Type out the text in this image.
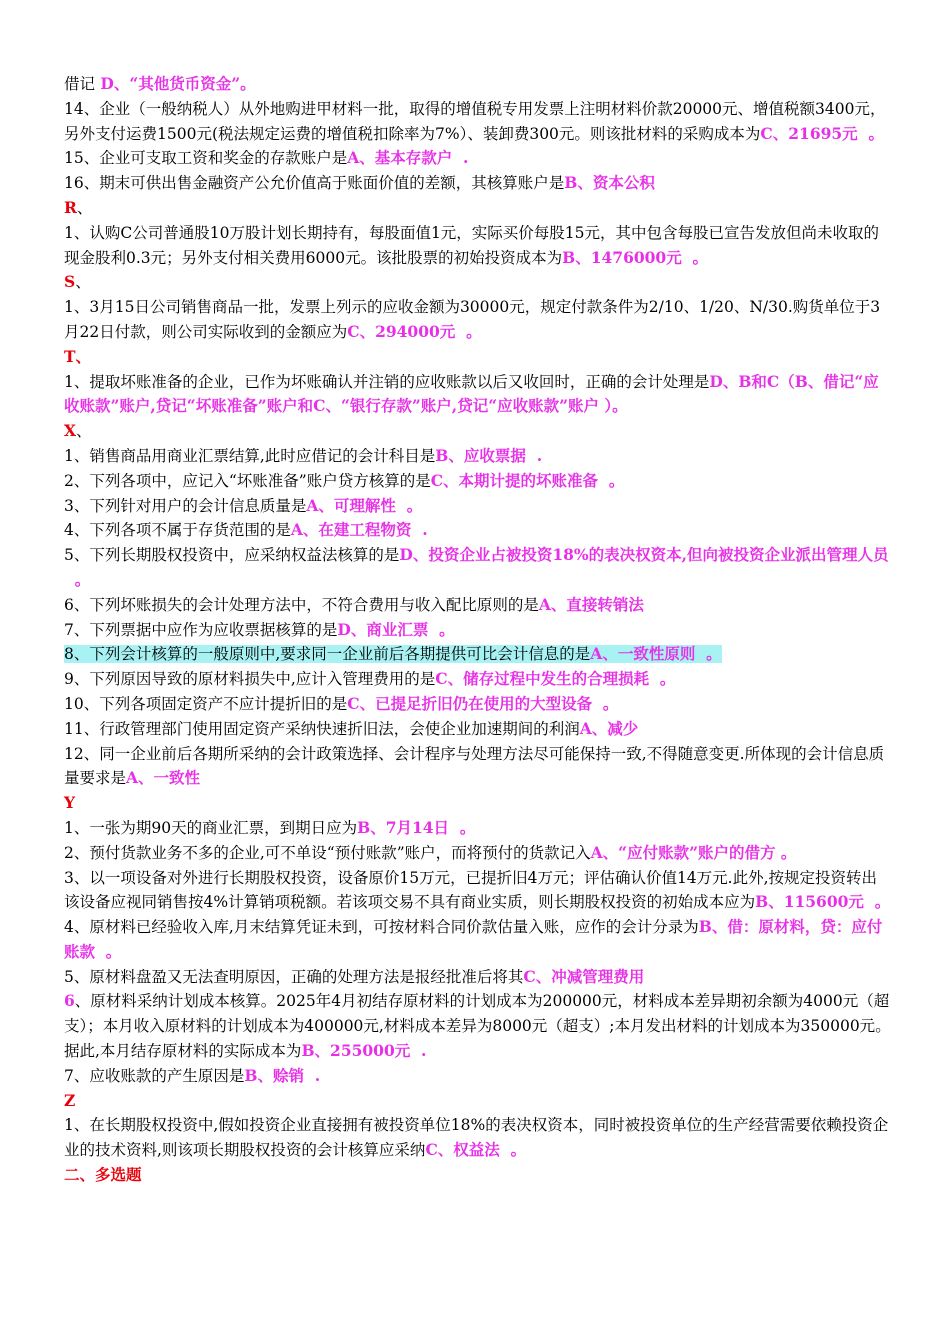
借记 D、“其他货币资金”。

14、企业（一般纳税人）从外地购进甲材料一批，取得的增值税专用发票上注明材料价款20000元、增值税额3400元，另外支付运费1500元(税法规定运费的增值税扣除率为7%）、装卸费300元。则该批材料的采购成本为C、21695元  。

15、企业可支取工资和奖金的存款账户是A、基本存款户  .

16、期末可供出售金融资产公允价值高于账面价值的差额，其核算账户是B、资本公积

R、

1、认购C公司普通股10万股计划长期持有，每股面值1元，实际买价每股15元，其中包含每股已宣告发放但尚未收取的现金股利0.3元；另外支付相关费用6000元。该批股票的初始投资成本为B、1476000元  。

S、

1、3月15日公司销售商品一批，发票上列示的应收金额为30000元，规定付款条件为2/10、1/20、N/30.购货单位于3月22日付款，则公司实际收到的金额应为C、294000元  。

T、

1、提取坏账准备的企业，已作为坏账确认并注销的应收账款以后又收回时，正确的会计处理是D、B和C（B、借记“应收账款”账户,贷记“坏账准备”账户和C、“银行存款”账户,贷记“应收账款”账户 ）。

X、

1、销售商品用商业汇票结算,此时应借记的会计科目是B、应收票据  .

2、下列各项中，应记入“坏账准备”账户贷方核算的是C、本期计提的坏账准备  。

3、下列针对用户的会计信息质量是A、可理解性  。

4、下列各项不属于存货范围的是A、在建工程物资  .

5、下列长期股权投资中，应采纳权益法核算的是D、投资企业占被投资18%的表决权资本,但向被投资企业派出管理人员  。

6、下列坏账损失的会计处理方法中，不符合费用与收入配比原则的是A、直接转销法

7、下列票据中应作为应收票据核算的是D、商业汇票  。

8、下列会计核算的一般原则中,要求同一企业前后各期提供可比会计信息的是A、一致性原则  。

9、下列原因导致的原材料损失中,应计入管理费用的是C、储存过程中发生的合理损耗  。

10、下列各项固定资产不应计提折旧的是C、已提足折旧仍在使用的大型设备  。

11、行政管理部门使用固定资产采纳快速折旧法，会使企业加速期间的利润A、减少

12、同一企业前后各期所采纳的会计政策选择、会计程序与处理方法尽可能保持一致,不得随意变更.所体现的会计信息质量要求是A、一致性

Y

1、一张为期90天的商业汇票，到期日应为B、7月14日  。

2、预付货款业务不多的企业,可不单设“预付账款”账户，而将预付的货款记入A、“应付账款”账户的借方 。

3、以一项设备对外进行长期股权投资，设备原价15万元，已提折旧4万元；评估确认价值14万元.此外,按规定投资转出该设备应视同销售按4%计算销项税额。若该项交易不具有商业实质，则长期股权投资的初始成本应为B、115600元  。

4、原材料已经验收入库,月末结算凭证未到，可按材料合同价款估量入账，应作的会计分录为B、借：原材料，贷：应付账款  。

5、原材料盘盈又无法查明原因，正确的处理方法是报经批准后将其C、冲减管理费用

6、原材料采纳计划成本核算。2025年4月初结存原材料的计划成本为200000元，材料成本差异期初余额为4000元（超支）；本月收入原材料的计划成本为400000元,材料成本差异为8000元（超支）;本月发出材料的计划成本为350000元。据此,本月结存原材料的实际成本为B、255000元  .

7、应收账款的产生原因是B、赊销  .

Z

1、在长期股权投资中,假如投资企业直接拥有被投资单位18%的表决权资本，同时被投资单位的生产经营需要依赖投资企业的技术资料,则该项长期股权投资的会计核算应采纳C、权益法  。

二、多选题
